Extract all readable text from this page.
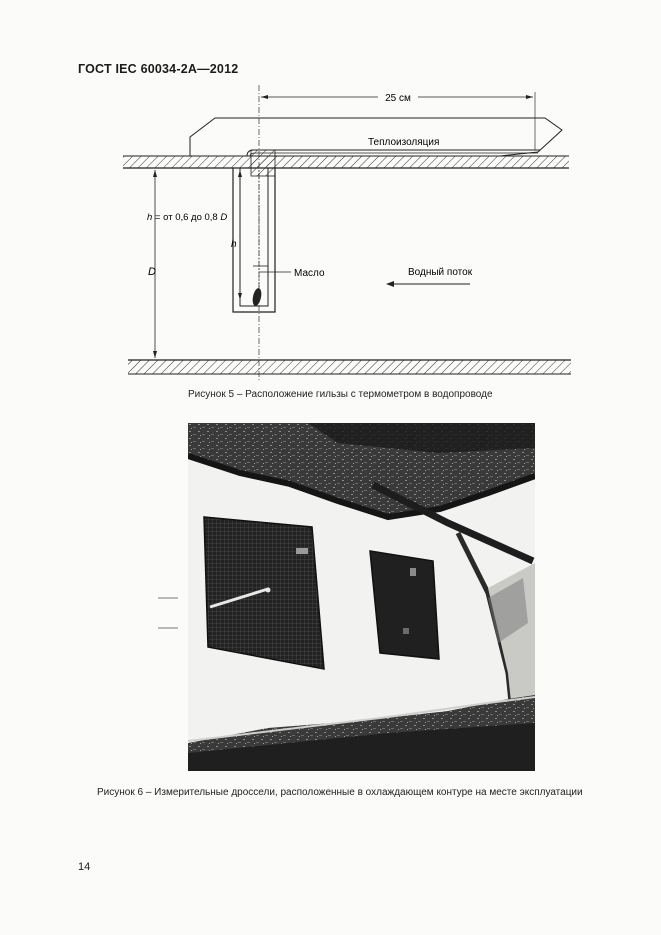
ГОСТ IEC 60034-2A—2012
25 см
Теплоизоляция
D
h = от 0,6 до 0,8 D
h
Масло	Водный поток
Рисунок 5 – Расположение гильзы с термометром в водопроводе
Рисунок 6 – Измерительные дроссели, расположенные в охлаждающем контуре на месте эксплуатации
14
